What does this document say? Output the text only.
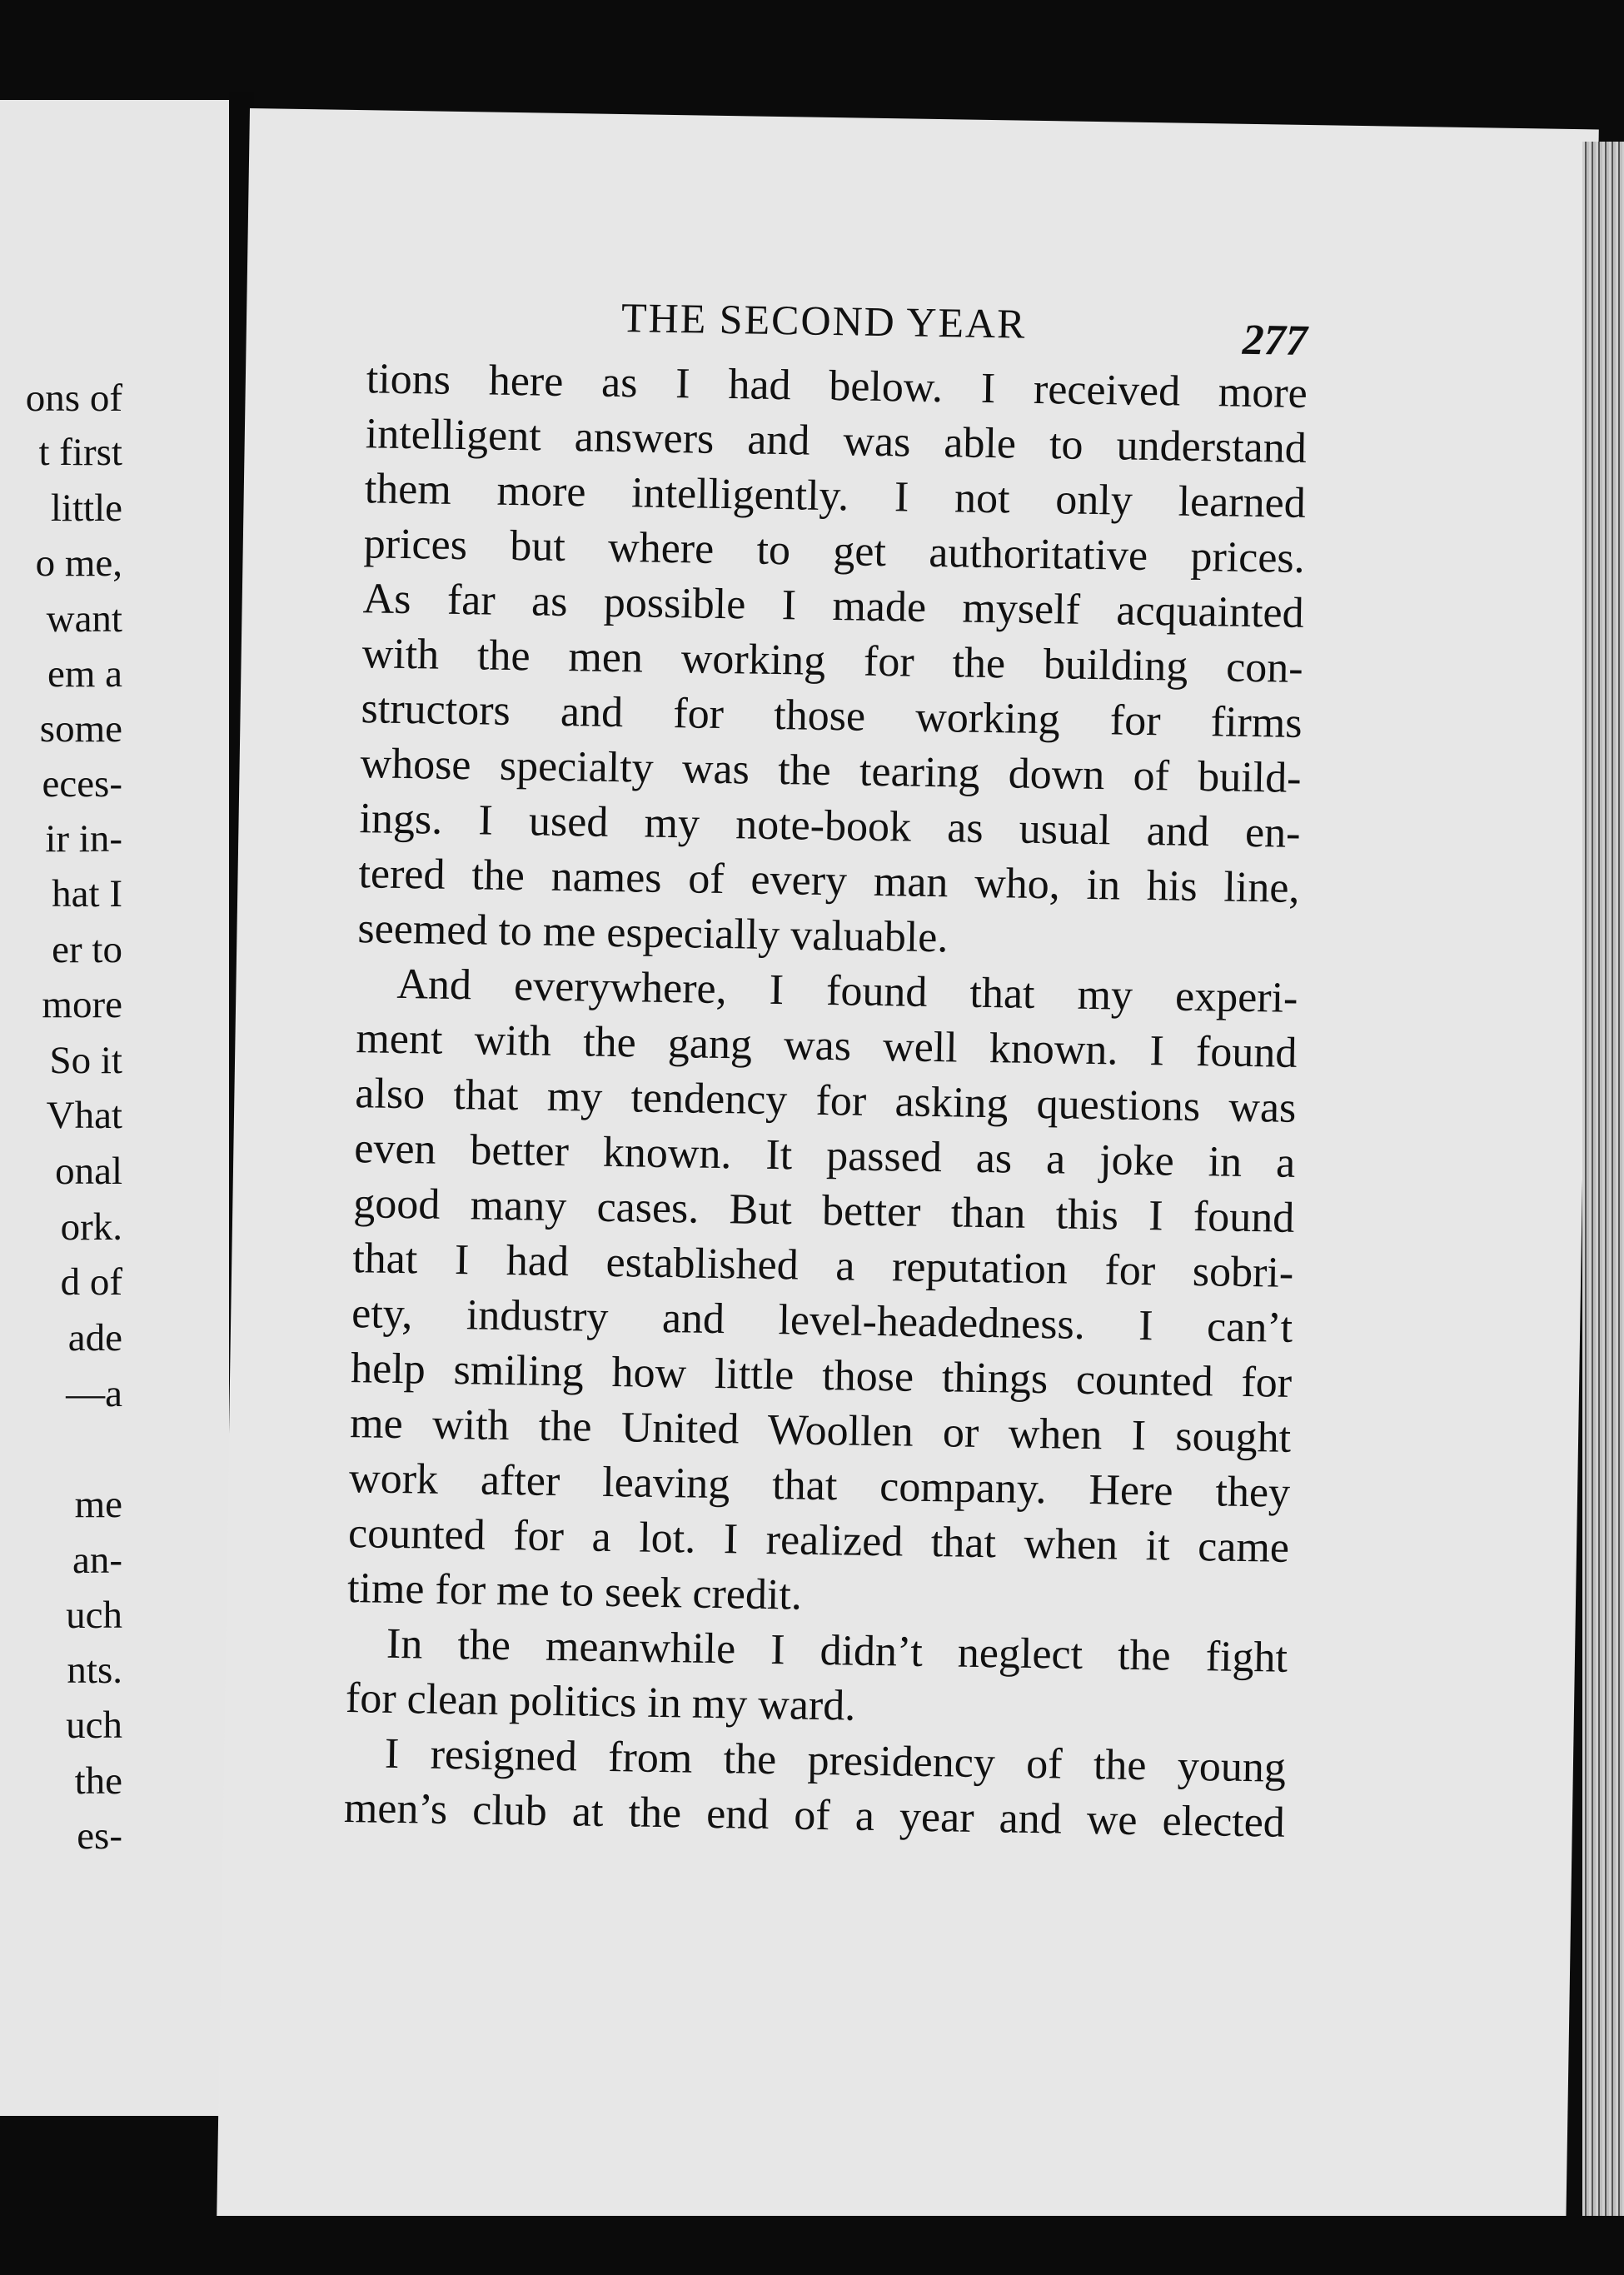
ons of
t first
little
o me,
want
em a
some
eces-
ir in-
hat I
er to
more
So it
Vhat
onal
ork.
d of
ade
—a
me
an-
uch
nts.
uch
the
es-
THE SECOND YEAR	277
tions here as I had below. I received more
intelligent answers and was able to understand
them more intelligently. I not only learned
prices but where to get authoritative prices.
As far as possible I made myself acquainted
with the men working for the building con-
structors and for those working for firms
whose specialty was the tearing down of build-
ings. I used my note-book as usual and en-
tered the names of every man who, in his line,
seemed to me especially valuable.
And everywhere, I found that my experi-
ment with the gang was well known. I found
also that my tendency for asking questions was
even better known. It passed as a joke in a
good many cases. But better than this I found
that I had established a reputation for sobri-
ety, industry and level-headedness. I can’t
help smiling how little those things counted for
me with the United Woollen or when I sought
work after leaving that company. Here they
counted for a lot. I realized that when it came
time for me to seek credit.
In the meanwhile I didn’t neglect the fight
for clean politics in my ward.
I resigned from the presidency of the young
men’s club at the end of a year and we elected
